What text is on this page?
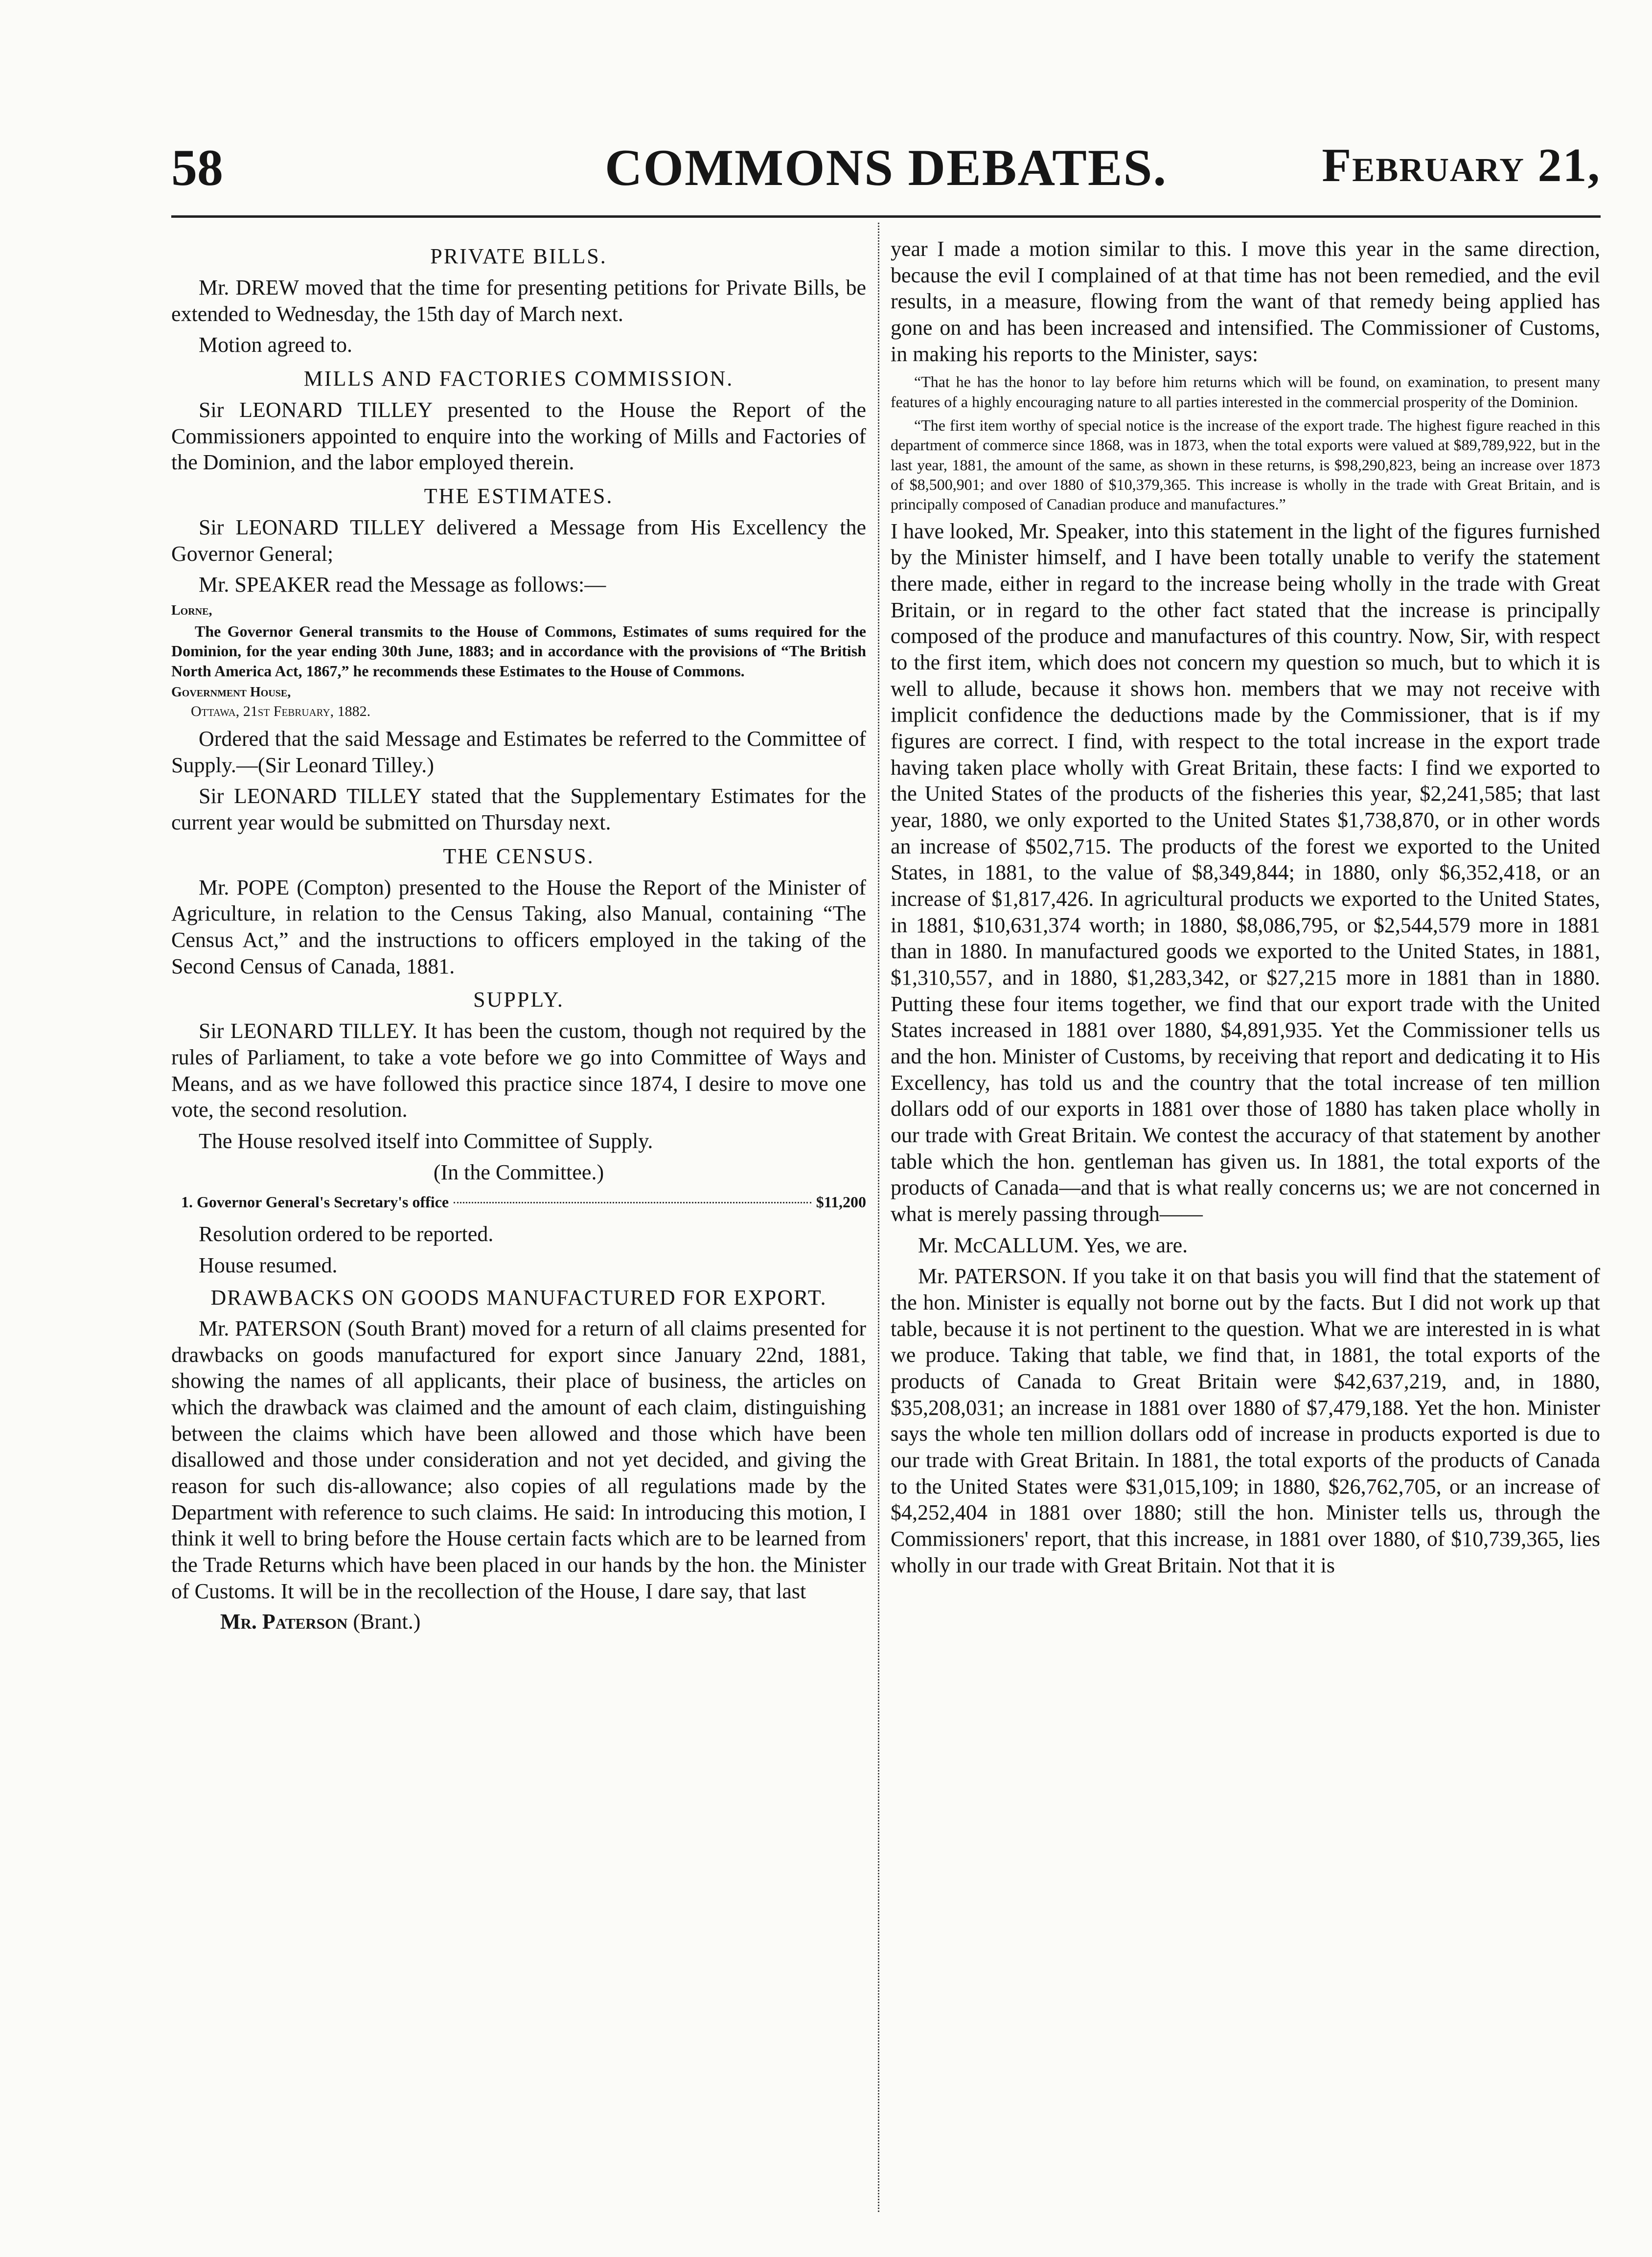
58	COMMONS DEBATES.	February 21,
PRIVATE BILLS.

Mr. DREW moved that the time for presenting petitions for Private Bills, be extended to Wednesday, the 15th day of March next.

Motion agreed to.

MILLS AND FACTORIES COMMISSION.

Sir LEONARD TILLEY presented to the House the Report of the Commissioners appointed to enquire into the working of Mills and Factories of the Dominion, and the labor employed therein.

THE ESTIMATES.

Sir LEONARD TILLEY delivered a Message from His Excellency the Governor General;

Mr. SPEAKER read the Message as follows:—

Lorne,
The Governor General transmits to the House of Commons, Estimates of sums required for the Dominion, for the year ending 30th June, 1883; and in accordance with the provisions of “The British North America Act, 1867,” he recommends these Estimates to the House of Commons.
Government House,
Ottawa, 21st February, 1882.

Ordered that the said Message and Estimates be referred to the Committee of Supply.—(Sir Leonard Tilley.)

Sir LEONARD TILLEY stated that the Supplementary Estimates for the current year would be submitted on Thursday next.

THE CENSUS.

Mr. POPE (Compton) presented to the House the Report of the Minister of Agriculture, in relation to the Census Taking, also Manual, containing “The Census Act,” and the instructions to officers employed in the taking of the Second Census of Canada, 1881.

SUPPLY.

Sir LEONARD TILLEY. It has been the custom, though not required by the rules of Parliament, to take a vote before we go into Committee of Ways and Means, and as we have followed this practice since 1874, I desire to move one vote, the second resolution.

The House resolved itself into Committee of Supply.

(In the Committee.)

1. Governor General's Secretary's office	$11,200

Resolution ordered to be reported.

House resumed.

DRAWBACKS ON GOODS MANUFACTURED FOR EXPORT.

Mr. PATERSON (South Brant) moved for a return of all claims presented for drawbacks on goods manufactured for export since January 22nd, 1881, showing the names of all applicants, their place of business, the articles on which the drawback was claimed and the amount of each claim, distinguishing between the claims which have been allowed and those which have been disallowed and those under consideration and not yet decided, and giving the reason for such dis-allowance; also copies of all regulations made by the Department with reference to such claims. He said: In introducing this motion, I think it well to bring before the House certain facts which are to be learned from the Trade Returns which have been placed in our hands by the hon. the Minister of Customs. It will be in the recollection of the House, I dare say, that last

Mr. Paterson (Brant.)

year I made a motion similar to this. I move this year in the same direction, because the evil I complained of at that time has not been remedied, and the evil results, in a measure, flowing from the want of that remedy being applied has gone on and has been increased and intensified. The Commissioner of Customs, in making his reports to the Minister, says:

“That he has the honor to lay before him returns which will be found, on examination, to present many features of a highly encouraging nature to all parties interested in the commercial prosperity of the Dominion.
“The first item worthy of special notice is the increase of the export trade. The highest figure reached in this department of commerce since 1868, was in 1873, when the total exports were valued at $89,789,922, but in the last year, 1881, the amount of the same, as shown in these returns, is $98,290,823, being an increase over 1873 of $8,500,901; and over 1880 of $10,379,365. This increase is wholly in the trade with Great Britain, and is principally composed of Canadian produce and manufactures.”

I have looked, Mr. Speaker, into this statement in the light of the figures furnished by the Minister himself, and I have been totally unable to verify the statement there made, either in regard to the increase being wholly in the trade with Great Britain, or in regard to the other fact stated that the increase is principally composed of the produce and manufactures of this country. Now, Sir, with respect to the first item, which does not concern my question so much, but to which it is well to allude, because it shows hon. members that we may not receive with implicit confidence the deductions made by the Commissioner, that is if my figures are correct. I find, with respect to the total increase in the export trade having taken place wholly with Great Britain, these facts: I find we exported to the United States of the products of the fisheries this year, $2,241,585; that last year, 1880, we only exported to the United States $1,738,870, or in other words an increase of $502,715. The products of the forest we exported to the United States, in 1881, to the value of $8,349,844; in 1880, only $6,352,418, or an increase of $1,817,426. In agricultural products we exported to the United States, in 1881, $10,631,374 worth; in 1880, $8,086,795, or $2,544,579 more in 1881 than in 1880. In manufactured goods we exported to the United States, in 1881, $1,310,557, and in 1880, $1,283,342, or $27,215 more in 1881 than in 1880. Putting these four items together, we find that our export trade with the United States increased in 1881 over 1880, $4,891,935. Yet the Commissioner tells us and the hon. Minister of Customs, by receiving that report and dedicating it to His Excellency, has told us and the country that the total increase of ten million dollars odd of our exports in 1881 over those of 1880 has taken place wholly in our trade with Great Britain. We contest the accuracy of that statement by another table which the hon. gentleman has given us. In 1881, the total exports of the products of Canada—and that is what really concerns us; we are not concerned in what is merely passing through——

Mr. McCALLUM. Yes, we are.

Mr. PATERSON. If you take it on that basis you will find that the statement of the hon. Minister is equally not borne out by the facts. But I did not work up that table, because it is not pertinent to the question. What we are interested in is what we produce. Taking that table, we find that, in 1881, the total exports of the products of Canada to Great Britain were $42,637,219, and, in 1880, $35,208,031; an increase in 1881 over 1880 of $7,479,188. Yet the hon. Minister says the whole ten million dollars odd of increase in products exported is due to our trade with Great Britain. In 1881, the total exports of the products of Canada to the United States were $31,015,109; in 1880, $26,762,705, or an increase of $4,252,404 in 1881 over 1880; still the hon. Minister tells us, through the Commissioners' report, that this increase, in 1881 over 1880, of $10,739,365, lies wholly in our trade with Great Britain. Not that it is
